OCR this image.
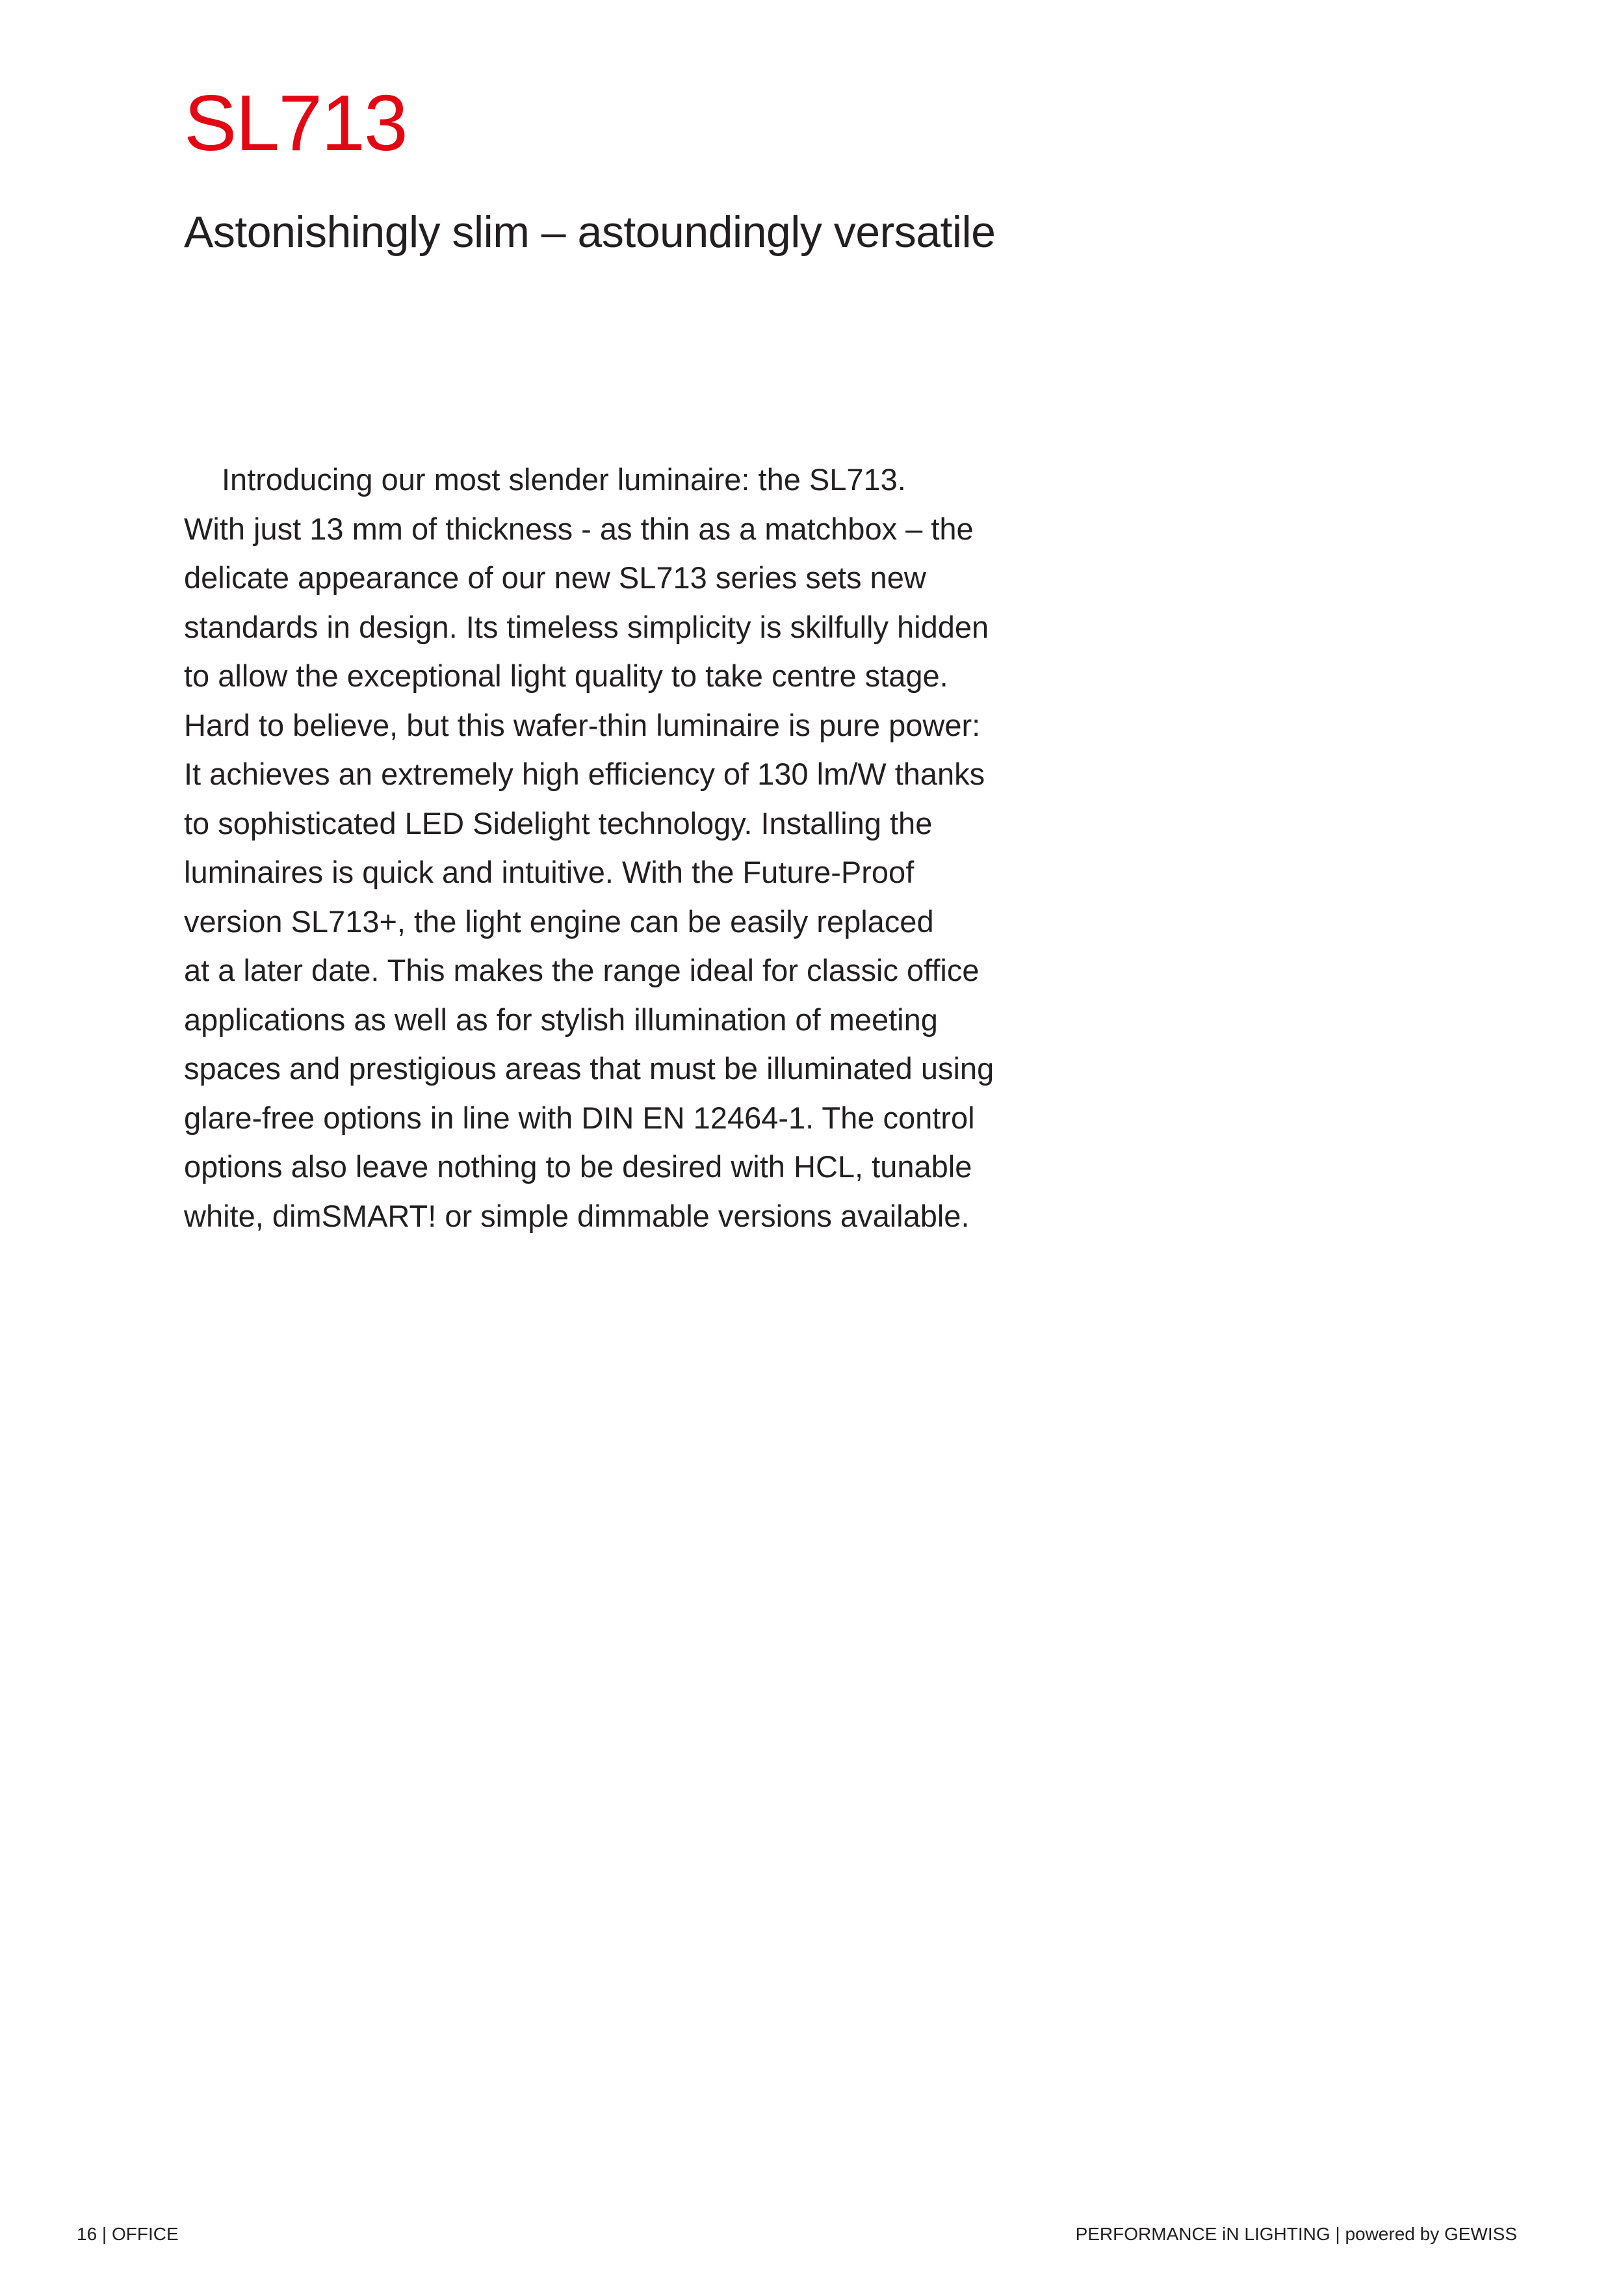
SL713
Astonishingly slim – astoundingly versatile
Introducing our most slender luminaire: the SL713.
With just 13 mm of thickness - as thin as a matchbox – the
delicate appearance of our new SL713 series sets new
standards in design. Its timeless simplicity is skilfully hidden
to allow the exceptional light quality to take centre stage.
Hard to believe, but this wafer-thin luminaire is pure power:
It achieves an extremely high efficiency of 130 lm/W thanks
to sophisticated LED Sidelight technology. Installing the
luminaires is quick and intuitive. With the Future-Proof
version SL713+, the light engine can be easily replaced
at a later date. This makes the range ideal for classic office
applications as well as for stylish illumination of meeting
spaces and prestigious areas that must be illuminated using
glare-free options in line with DIN EN 12464-1. The control
options also leave nothing to be desired with HCL, tunable
white, dimSMART! or simple dimmable versions available.
16 | OFFICE	PERFORMANCE iN LIGHTING | powered by GEWISS
